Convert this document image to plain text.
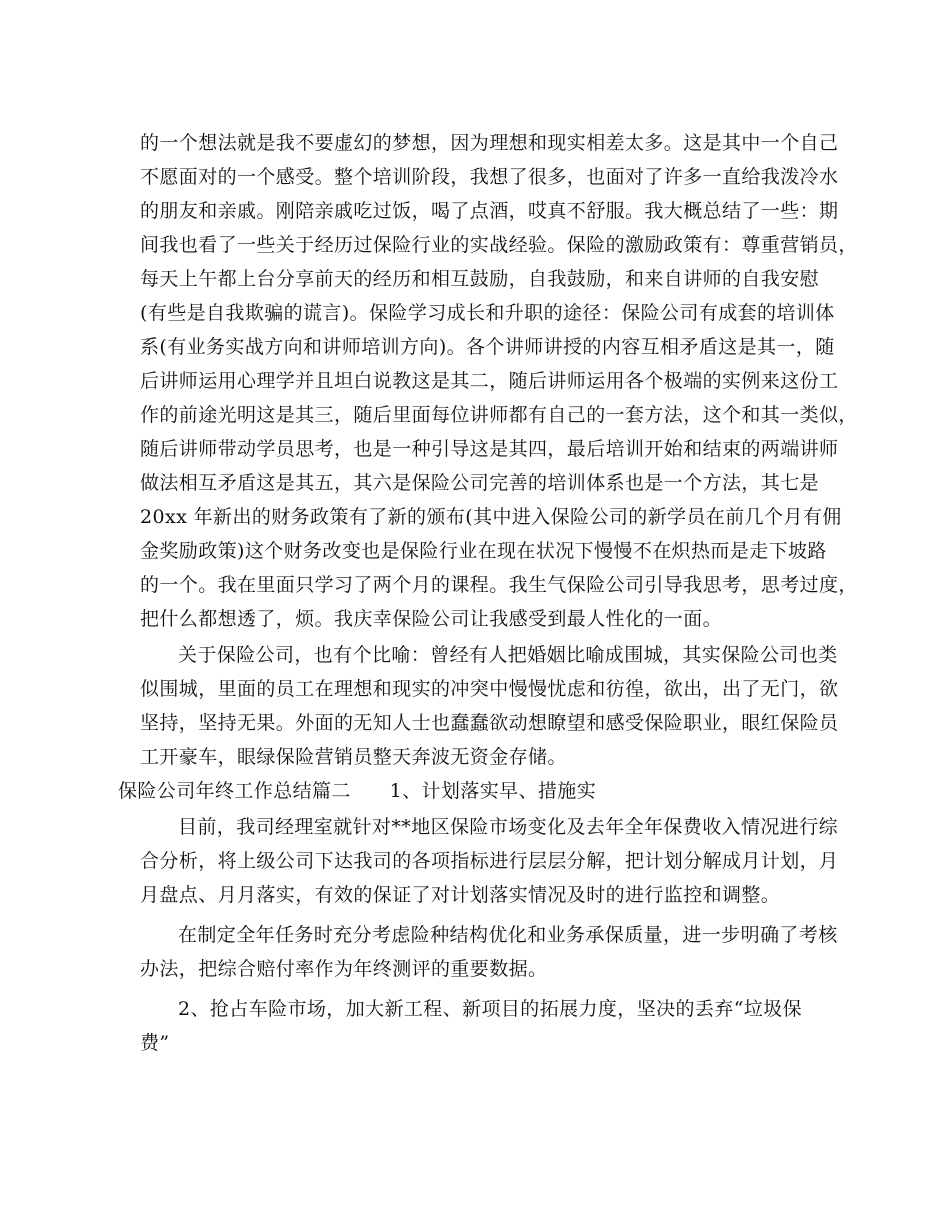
的一个想法就是我不要虚幻的梦想，因为理想和现实相差太多。这是其中一个自己
不愿面对的一个感受。整个培训阶段，我想了很多，也面对了许多一直给我泼冷水
的朋友和亲戚。刚陪亲戚吃过饭，喝了点酒，哎真不舒服。我大概总结了一些：期
间我也看了一些关于经历过保险行业的实战经验。保险的激励政策有：尊重营销员，
每天上午都上台分享前天的经历和相互鼓励，自我鼓励，和来自讲师的自我安慰
(有些是自我欺骗的谎言)。保险学习成长和升职的途径：保险公司有成套的培训体
系(有业务实战方向和讲师培训方向)。各个讲师讲授的内容互相矛盾这是其一，随
后讲师运用心理学并且坦白说教这是其二，随后讲师运用各个极端的实例来这份工
作的前途光明这是其三，随后里面每位讲师都有自己的一套方法，这个和其一类似，
随后讲师带动学员思考，也是一种引导这是其四，最后培训开始和结束的两端讲师
做法相互矛盾这是其五，其六是保险公司完善的培训体系也是一个方法，其七是
20xx 年新出的财务政策有了新的颁布(其中进入保险公司的新学员在前几个月有佣
金奖励政策)这个财务改变也是保险行业在现在状况下慢慢不在炽热而是走下坡路
的一个。我在里面只学习了两个月的课程。我生气保险公司引导我思考，思考过度，
把什么都想透了，烦。我庆幸保险公司让我感受到最人性化的一面。
关于保险公司，也有个比喻：曾经有人把婚姻比喻成围城，其实保险公司也类
似围城，里面的员工在理想和现实的冲突中慢慢忧虑和彷徨，欲出，出了无门，欲
坚持，坚持无果。外面的无知人士也蠢蠢欲动想瞭望和感受保险职业，眼红保险员
工开豪车，眼绿保险营销员整天奔波无资金存储。
保险公司年终工作总结篇二　　1、计划落实早、措施实
目前，我司经理室就针对**地区保险市场变化及去年全年保费收入情况进行综
合分析，将上级公司下达我司的各项指标进行层层分解，把计划分解成月计划，月
月盘点、月月落实，有效的保证了对计划落实情况及时的进行监控和调整。
在制定全年任务时充分考虑险种结构优化和业务承保质量，进一步明确了考核
办法，把综合赔付率作为年终测评的重要数据。
2、抢占车险市场，加大新工程、新项目的拓展力度，坚决的丢弃“垃圾保
费”
